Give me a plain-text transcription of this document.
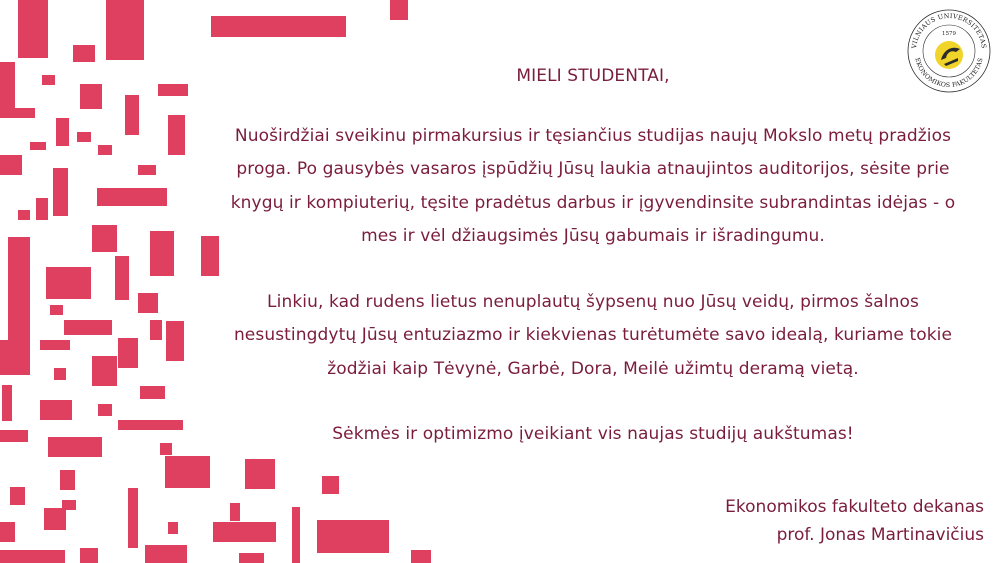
VILNIAUS UNIVERSITETAS
EKONOMIKOS FAKULTETAS
1579
MIELI STUDENTAI,

Nuoširdžiai sveikinu pirmakursius ir tęsiančius studijas naujų Mokslo metų pradžios proga. Po gausybės vasaros įspūdžių Jūsų laukia atnaujintos auditorijos, sėsite prie knygų ir kompiuterių, tęsite pradėtus darbus ir įgyvendinsite subrandintas idėjas - o mes ir vėl džiaugsimės Jūsų gabumais ir išradingumu.

Linkiu, kad rudens lietus nenuplautų šypsenų nuo Jūsų veidų, pirmos šalnos nesustingdytų Jūsų entuziazmo ir kiekvienas turėtumėte savo idealą, kuriame tokie žodžiai kaip Tėvynė, Garbė, Dora, Meilė užimtų deramą vietą.

Sėkmės ir optimizmo įveikiant vis naujas studijų aukštumas!

Ekonomikos fakulteto dekanas
prof. Jonas Martinavičius
